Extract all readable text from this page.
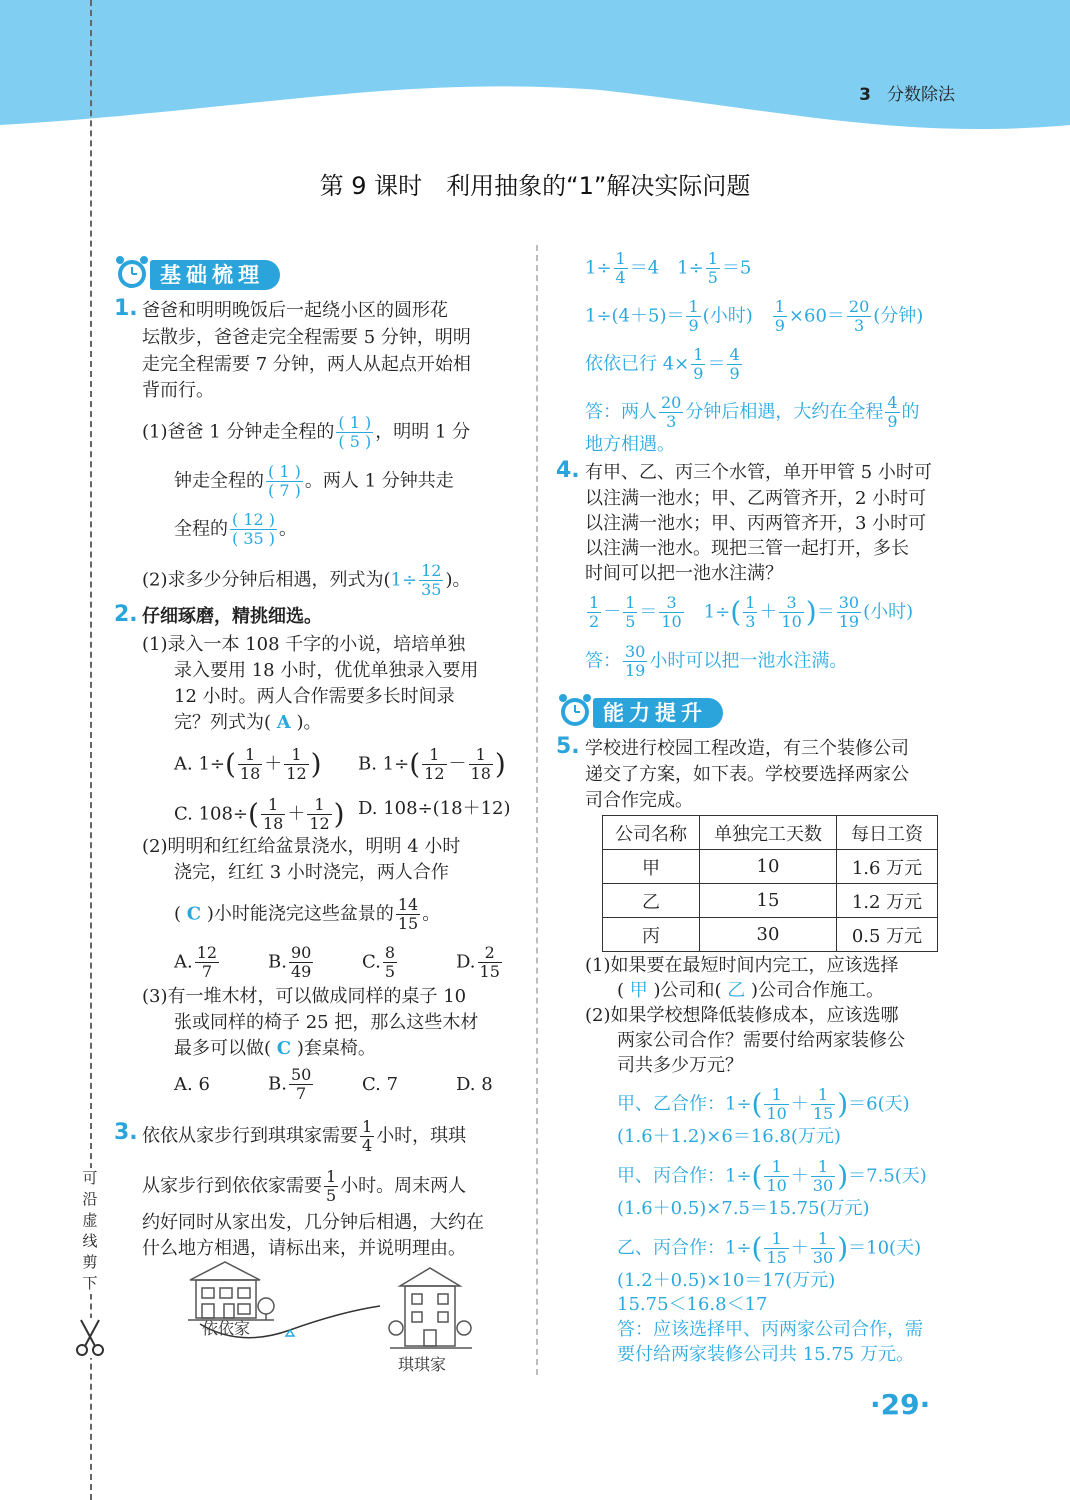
3 分数除法
可
沿
虚
线
剪
下
第 9 课时　利用抽象的“1”解决实际问题
基础梳理
1. 爸爸和明明晚饭后一起绕小区的圆形花
坛散步，爸爸走完全程需要 5 分钟，明明
走完全程需要 7 分钟，两人从起点开始相
背而行。
(1)爸爸 1 分钟走全程的 $\frac{( 1 )}{( 5 )}$ ，明明 1 分
钟走全程的 $\frac{( 1 )}{( 7 )}$ 。两人 1 分钟共走
全程的 $\frac{( 12 )}{( 35 )}$ 。
(2)求多少分钟后相遇，列式为($1\div \frac{12}{35}$ )。
2. 仔细琢磨，精挑细选。
(1)录入一本 108 千字的小说，培培单独
录入要用 18 小时，优优单独录入要用
12 小时。两人合作需要多长时间录
完？列式为( A )。
A. $1\div( \frac{1}{18} + \frac{1}{12}$ ) B. $1\div( \frac{1}{12} - \frac{1}{18}$ )
C. $108\div( \frac{1}{18} + \frac{1}{12}$ ) D. 108÷(18＋12)
(2)明明和红红给盆景浇水，明明 4 小时
浇完，红红 3 小时浇完，两人合作
( C )小时能浇完这些盆景的 $\frac{14}{15}$ 。
A. $\frac{12}{7}$	B. $\frac{90}{49}$	C. $\frac{8}{5}$	D. $\frac{2}{15}$
(3)有一堆木材，可以做成同样的桌子 10
张或同样的椅子 25 把，那么这些木材
最多可以做( C )套桌椅。
A. 6	B. $\frac{50}{7}$	C. 7	D. 8
3. 依依从家步行到琪琪家需要 $\frac{1}{4}$ 小时，琪琪
从家步行到依依家需要 $\frac{1}{5}$ 小时。周末两人
约好同时从家出发，几分钟后相遇，大约在
什么地方相遇，请标出来，并说明理由。
依依家
琪琪家
$1\div \frac{1}{4} =4$　$1\div \frac{1}{5} =5$
$1\div(4+5)= \frac{1}{9}$ (小时)　 $\frac{1}{9} \times 60= \frac{20}{3}$ (分钟)
依依已行 $4\times \frac{1}{9} = \frac{4}{9}$
答：两人 $\frac{20}{3}$ 分钟后相遇，大约在全程 $\frac{4}{9}$ 的
地方相遇。
4. 有甲、乙、丙三个水管，单开甲管 5 小时可
以注满一池水；甲、乙两管齐开，2 小时可
以注满一池水；甲、丙两管齐开，3 小时可
以注满一池水。现把三管一起打开，多长
时间可以把一池水注满？
$\frac{1}{2} - \frac{1}{5} = \frac{3}{10}$ 　$1\div( \frac{1}{3} + \frac{3}{10}$ )＝ $\frac{30}{19}$ (小时)
答： $\frac{30}{19}$ 小时可以把一池水注满。
能力提升
5. 学校进行校园工程改造，有三个装修公司
递交了方案，如下表。学校要选择两家公
司合作完成。
公司名称	单独完工天数	每日工资
甲	10	1.6 万元
乙	15	1.2 万元
丙	30	0.5 万元
(1)如果要在最短时间内完工，应该选择
( 甲 )公司和( 乙 )公司合作施工。
(2)如果学校想降低装修成本，应该选哪
两家公司合作？需要付给两家装修公
司共多少万元？
甲、乙合作：$1\div( \frac{1}{10} + \frac{1}{15} )=6$(天)
(1.6＋1.2)×6＝16.8(万元)
甲、丙合作：$1\div( \frac{1}{10} + \frac{1}{30} )=7.5$(天)
(1.6＋0.5)×7.5＝15.75(万元)
乙、丙合作：$1\div( \frac{1}{15} + \frac{1}{30} )=10$(天)
(1.2＋0.5)×10＝17(万元)
15.75＜16.8＜17
答：应该选择甲、丙两家公司合作，需
要付给两家装修公司共 15.75 万元。
·29·
